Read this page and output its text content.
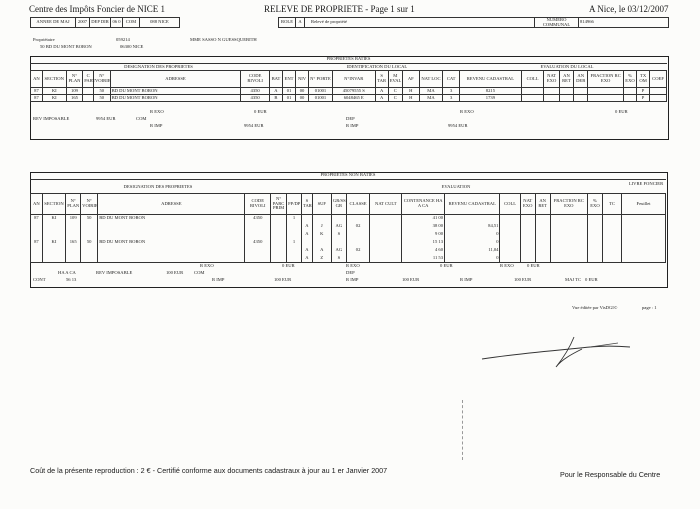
Centre des Impôts Foncier de NICE 1	RELEVE DE PROPRIETE - Page 1 sur 1	A Nice, le 03/12/2007
ANNEE DE MAJ	2007	DEP DIR	06 0	COM	088 NICE		ROLE	A	Relevé de propriété	NUMERO COMMUNAL	814966
Propriétaire	059214	MME SASSO N GUESSQUEBITH
50 BD DU MONT BORON	06300 NICE
PROPRIETES BATIES
DESIGNATION DES PROPRIETES	IDENTIFICATION DU LOCAL	EVALUATION DU LOCAL
AN	SECTION	N° PLAN	C PART	N° VOIRIE	ADRESSE	CODE RIVOLI	BAT	ENT	NIV	N° PORTE	N°INVAR	S TAR	M EVAL	AF	NAT LOC	CAT	REVENU CADASTRAL	COLL	NAT EXO	AN RET	AN DEB	FRACTION RC EXO	% EXO	TX OM	COEF
87	KI	109		50	BD DU MONT BORON	4350	A	01	00	01001	45079555 S	A	C	H	MA	3	8215							P	
87	KI	165		50	BD DU MONT BORON	4350	B	01	00	01001	6048465 E	A	C	H	MA	3	1739							P	

R EXO	0 EUR	R EXO	0 EUR
REV IMPOSABLE	9954 EUR	COM	DEP
R IMP	9954 EUR	R IMP	9954 EUR
PROPRIETES NON BATIES
DESIGNATION DES PROPRIETES	EVALUATION
LIVRE FONCIER
AN	SECTION	N° PLAN	N° VOIRIE	ADRESSE	CODE RIVOLI	N° PARC PRIM	FP/DP	S TAR	SUF	GR/SS GR	CLASSE	NAT CULT	CONTENANCE HA A CA	REVENU CADASTRAL	COLL	NAT EXO	AN RET	FRACTION RC EXO	% EXO	TC	Feuillet
87	KI	109	50	BD DU MONT BORON	4350		1						41 00								
								A	J	AG	02		38 00	84,51							
								A	K	S			9 00	0							
87	KI	165	50	BD DU MONT BORON	4350		1						15 13	0							
								A	A	AG	02		4 60	11,04							
								A	Z	S			11 53	0							
R EXO	0 EUR	R EXO	0 EUR	R EXO	0 EUR
HA A CA	REV IMPOSABLE	100 EUR COM	DEP
CONT	56 13	R IMP	100 EUR	R IMP	100 EUR	R IMP	100 EUR	MAJ TC 0 EUR
Vue éditée par VisDGI©	page : 1
Coût de la présente reproduction : 2 € - Certifié conforme aux documents cadastraux à jour au 1 er Janvier 2007	Pour le Responsable du Centre
